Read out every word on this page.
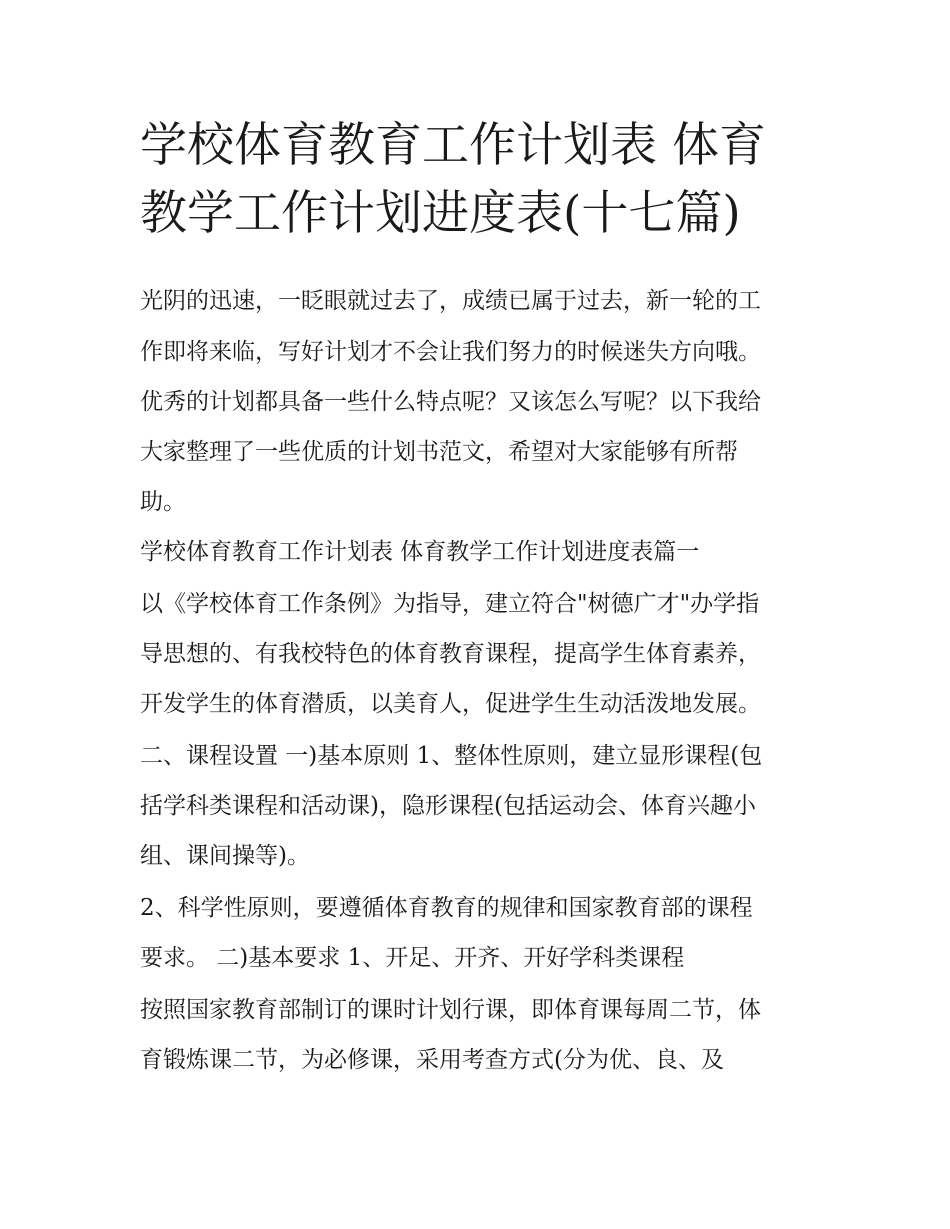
学校体育教育工作计划表 体育
教学工作计划进度表(十七篇)
光阴的迅速，一眨眼就过去了，成绩已属于过去，新一轮的工
作即将来临，写好计划才不会让我们努力的时候迷失方向哦。
优秀的计划都具备一些什么特点呢？又该怎么写呢？以下我给
大家整理了一些优质的计划书范文，希望对大家能够有所帮
助。
学校体育教育工作计划表 体育教学工作计划进度表篇一
以《学校体育工作条例》为指导，建立符合"树德广才"办学指
导思想的、有我校特色的体育教育课程，提高学生体育素养，
开发学生的体育潜质，以美育人，促进学生生动活泼地发展。
二、课程设置 一)基本原则 1、整体性原则，建立显形课程(包
括学科类课程和活动课)，隐形课程(包括运动会、体育兴趣小
组、课间操等)。
2、科学性原则，要遵循体育教育的规律和国家教育部的课程
要求。 二)基本要求 1、开足、开齐、开好学科类课程
按照国家教育部制订的课时计划行课，即体育课每周二节，体
育锻炼课二节，为必修课，采用考查方式(分为优、良、及
